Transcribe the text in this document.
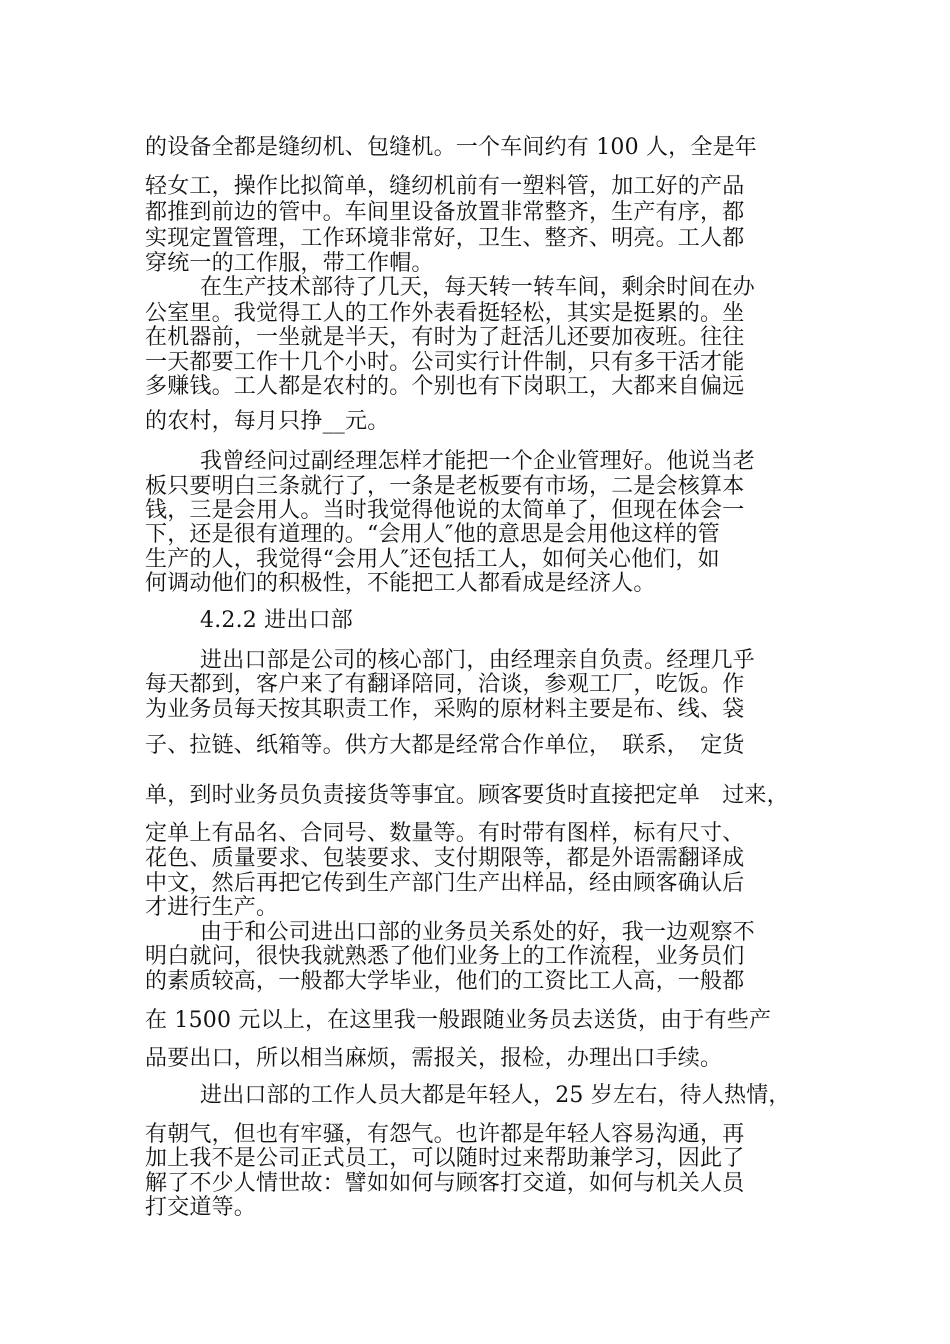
的设备全都是缝纫机、包缝机。一个车间约有 100 人，全是年
轻女工，操作比拟简单，缝纫机前有一塑料管，加工好的产品
都推到前边的管中。车间里设备放置非常整齐，生产有序，都
实现定置管理，工作环境非常好，卫生、整齐、明亮。工人都
穿统一的工作服，带工作帽。
在生产技术部待了几天，每天转一转车间，剩余时间在办
公室里。我觉得工人的工作外表看挺轻松，其实是挺累的。坐
在机器前，一坐就是半天，有时为了赶活儿还要加夜班。往往
一天都要工作十几个小时。公司实行计件制，只有多干活才能
多赚钱。工人都是农村的。个别也有下岗职工，大都来自偏远
的农村，每月只挣__元。
我曾经问过副经理怎样才能把一个企业管理好。他说当老
板只要明白三条就行了，一条是老板要有市场，二是会核算本
钱，三是会用人。当时我觉得他说的太简单了，但现在体会一
下，还是很有道理的。“会用人″他的意思是会用他这样的管
生产的人，我觉得“会用人″还包括工人，如何关心他们，如
何调动他们的积极性，不能把工人都看成是经济人。
4.2.2 进出口部
进出口部是公司的核心部门，由经理亲自负责。经理几乎
每天都到，客户来了有翻译陪同，洽谈，参观工厂，吃饭。作
为业务员每天按其职责工作，采购的原材料主要是布、线、袋
子、拉链、纸箱等。供方大都是经常合作单位，　联系，　定货
单，到时业务员负责接货等事宜。顾客要货时直接把定单　过来，
定单上有品名、合同号、数量等。有时带有图样，标有尺寸、
花色、质量要求、包装要求、支付期限等，都是外语需翻译成
中文，然后再把它传到生产部门生产出样品，经由顾客确认后
才进行生产。
由于和公司进出口部的业务员关系处的好，我一边观察不
明白就问，很快我就熟悉了他们业务上的工作流程，业务员们
的素质较高，一般都大学毕业，他们的工资比工人高，一般都
在 1500 元以上，在这里我一般跟随业务员去送货，由于有些产
品要出口，所以相当麻烦，需报关，报检，办理出口手续。
进出口部的工作人员大都是年轻人，25 岁左右，待人热情，
有朝气，但也有牢骚，有怨气。也许都是年轻人容易沟通，再
加上我不是公司正式员工，可以随时过来帮助兼学习，因此了
解了不少人情世故：譬如如何与顾客打交道，如何与机关人员
打交道等。
